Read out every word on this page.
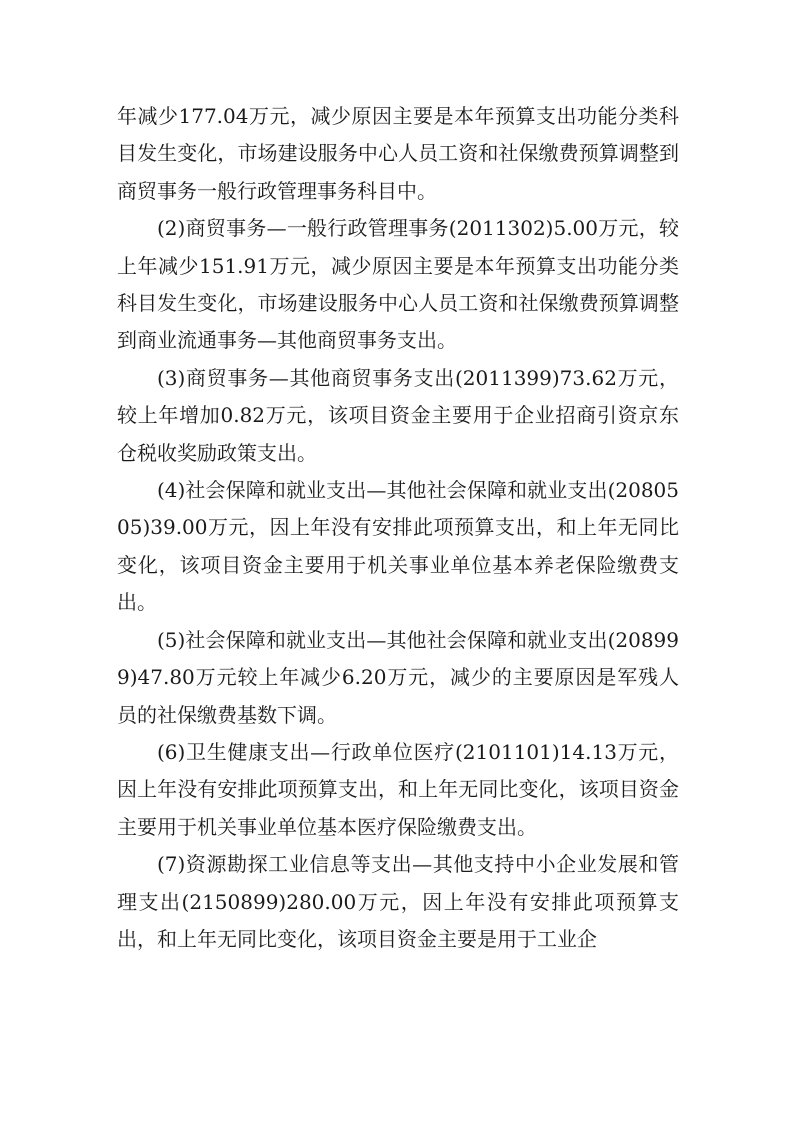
年减少177.04万元，减少原因主要是本年预算支出功能分类科目发生变化，市场建设服务中心人员工资和社保缴费预算调整到商贸事务一般行政管理事务科目中。

(2)商贸事务—一般行政管理事务(2011302)5.00万元，较上年减少151.91万元，减少原因主要是本年预算支出功能分类科目发生变化，市场建设服务中心人员工资和社保缴费预算调整到商业流通事务—其他商贸事务支出。

(3)商贸事务—其他商贸事务支出(2011399)73.62万元，较上年增加0.82万元，该项目资金主要用于企业招商引资京东仓税收奖励政策支出。

(4)社会保障和就业支出—其他社会保障和就业支出(2080505)39.00万元，因上年没有安排此项预算支出，和上年无同比变化，该项目资金主要用于机关事业单位基本养老保险缴费支出。

(5)社会保障和就业支出—其他社会保障和就业支出(208999)47.80万元较上年减少6.20万元，减少的主要原因是军残人员的社保缴费基数下调。

(6)卫生健康支出—行政单位医疗(2101101)14.13万元，因上年没有安排此项预算支出，和上年无同比变化，该项目资金主要用于机关事业单位基本医疗保险缴费支出。

(7)资源勘探工业信息等支出—其他支持中小企业发展和管理支出(2150899)280.00万元，因上年没有安排此项预算支出，和上年无同比变化，该项目资金主要是用于工业企
